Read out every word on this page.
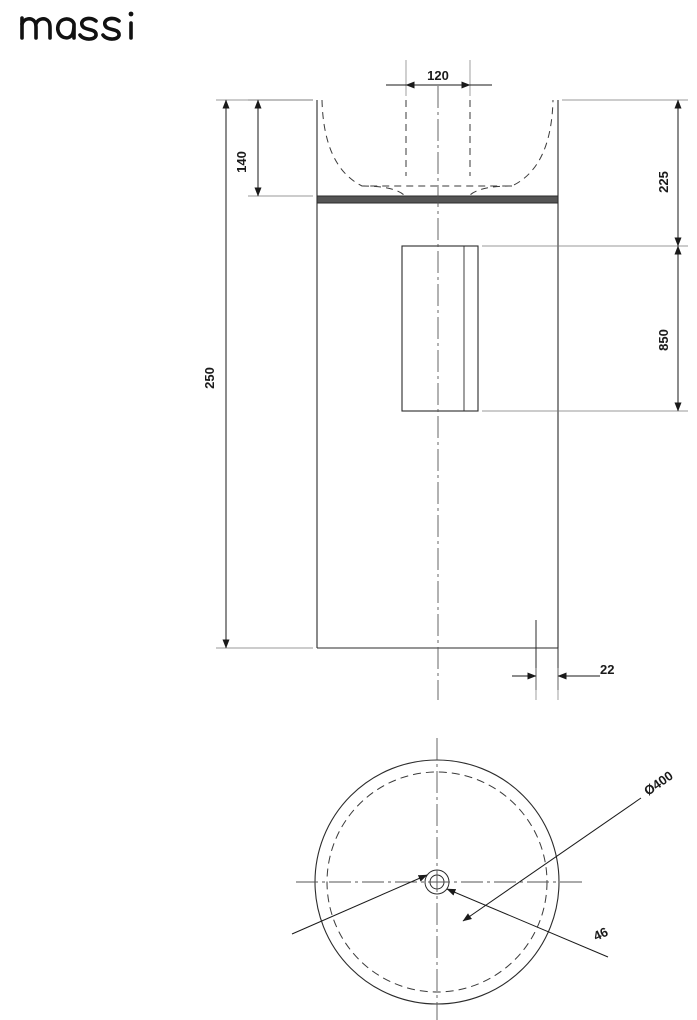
120
140
250
225
850
22
Ø400
46
